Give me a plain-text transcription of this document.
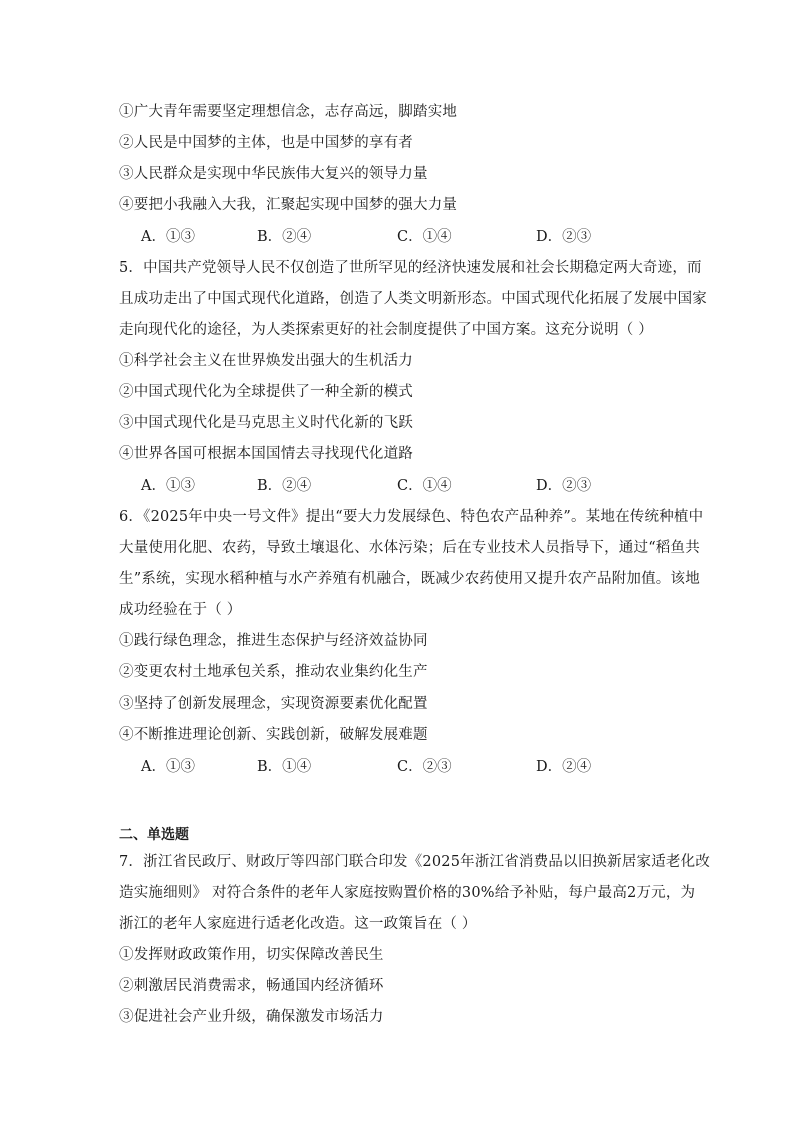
①广大青年需要坚定理想信念，志存高远，脚踏实地
②人民是中国梦的主体，也是中国梦的享有者
③人民群众是实现中华民族伟大复兴的领导力量
④要把小我融入大我，汇聚起实现中国梦的强大力量
A．①③	B．②④	C．①④	D．②③
5．中国共产党领导人民不仅创造了世所罕见的经济快速发展和社会长期稳定两大奇迹，而
且成功走出了中国式现代化道路，创造了人类文明新形态。中国式现代化拓展了发展中国家
走向现代化的途径，为人类探索更好的社会制度提供了中国方案。这充分说明（ ）
①科学社会主义在世界焕发出强大的生机活力
②中国式现代化为全球提供了一种全新的模式
③中国式现代化是马克思主义时代化新的飞跃
④世界各国可根据本国国情去寻找现代化道路
A．①③	B．②④	C．①④	D．②③
6．《2025年中央一号文件》提出“要大力发展绿色、特色农产品种养”。某地在传统种植中
大量使用化肥、农药，导致土壤退化、水体污染；后在专业技术人员指导下，通过“稻鱼共
生”系统，实现水稻种植与水产养殖有机融合，既减少农药使用又提升农产品附加值。该地
成功经验在于（ ）
①践行绿色理念，推进生态保护与经济效益协同
②变更农村土地承包关系，推动农业集约化生产
③坚持了创新发展理念，实现资源要素优化配置
④不断推进理论创新、实践创新，破解发展难题
A．①③	B．①④	C．②③	D．②④
二、单选题
7．浙江省民政厅、财政厅等四部门联合印发《2025年浙江省消费品以旧换新居家适老化改
造实施细则》 对符合条件的老年人家庭按购置价格的30%给予补贴，每户最高2万元，为
浙江的老年人家庭进行适老化改造。这一政策旨在（ ）
①发挥财政政策作用，切实保障改善民生
②刺激居民消费需求，畅通国内经济循环
③促进社会产业升级，确保激发市场活力
